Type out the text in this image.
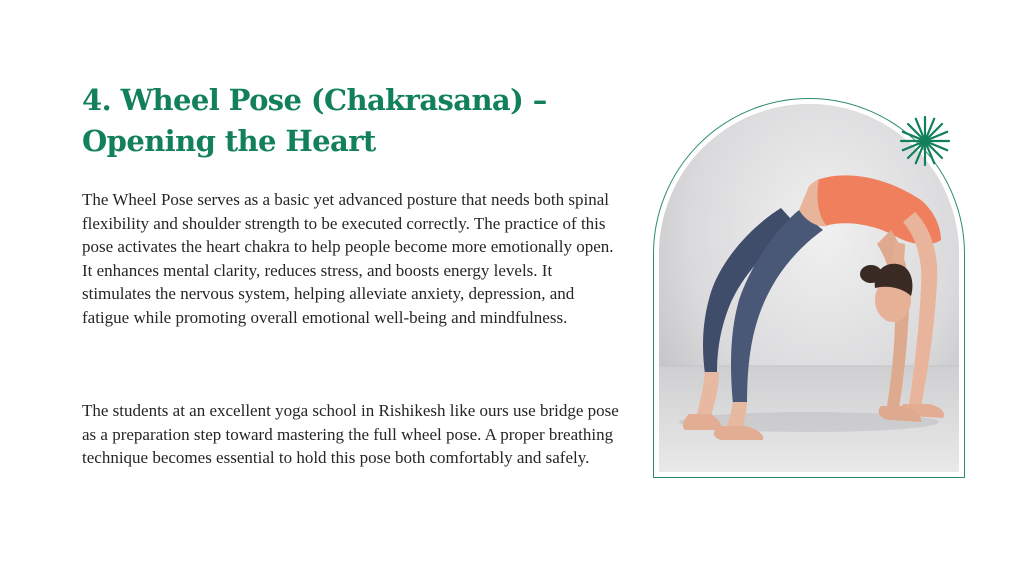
4. Wheel Pose (Chakrasana) –
Opening the Heart

The Wheel Pose serves as a basic yet advanced posture that needs both spinal flexibility and shoulder strength to be executed correctly. The practice of this pose activates the heart chakra to help people become more emotionally open. It enhances mental clarity, reduces stress, and boosts energy levels. It stimulates the nervous system, helping alleviate anxiety, depression, and fatigue while promoting overall emotional well-being and mindfulness.

The students at an excellent yoga school in Rishikesh like ours use bridge pose as a preparation step toward mastering the full wheel pose. A proper breathing technique becomes essential to hold this pose both comfortably and safely.
